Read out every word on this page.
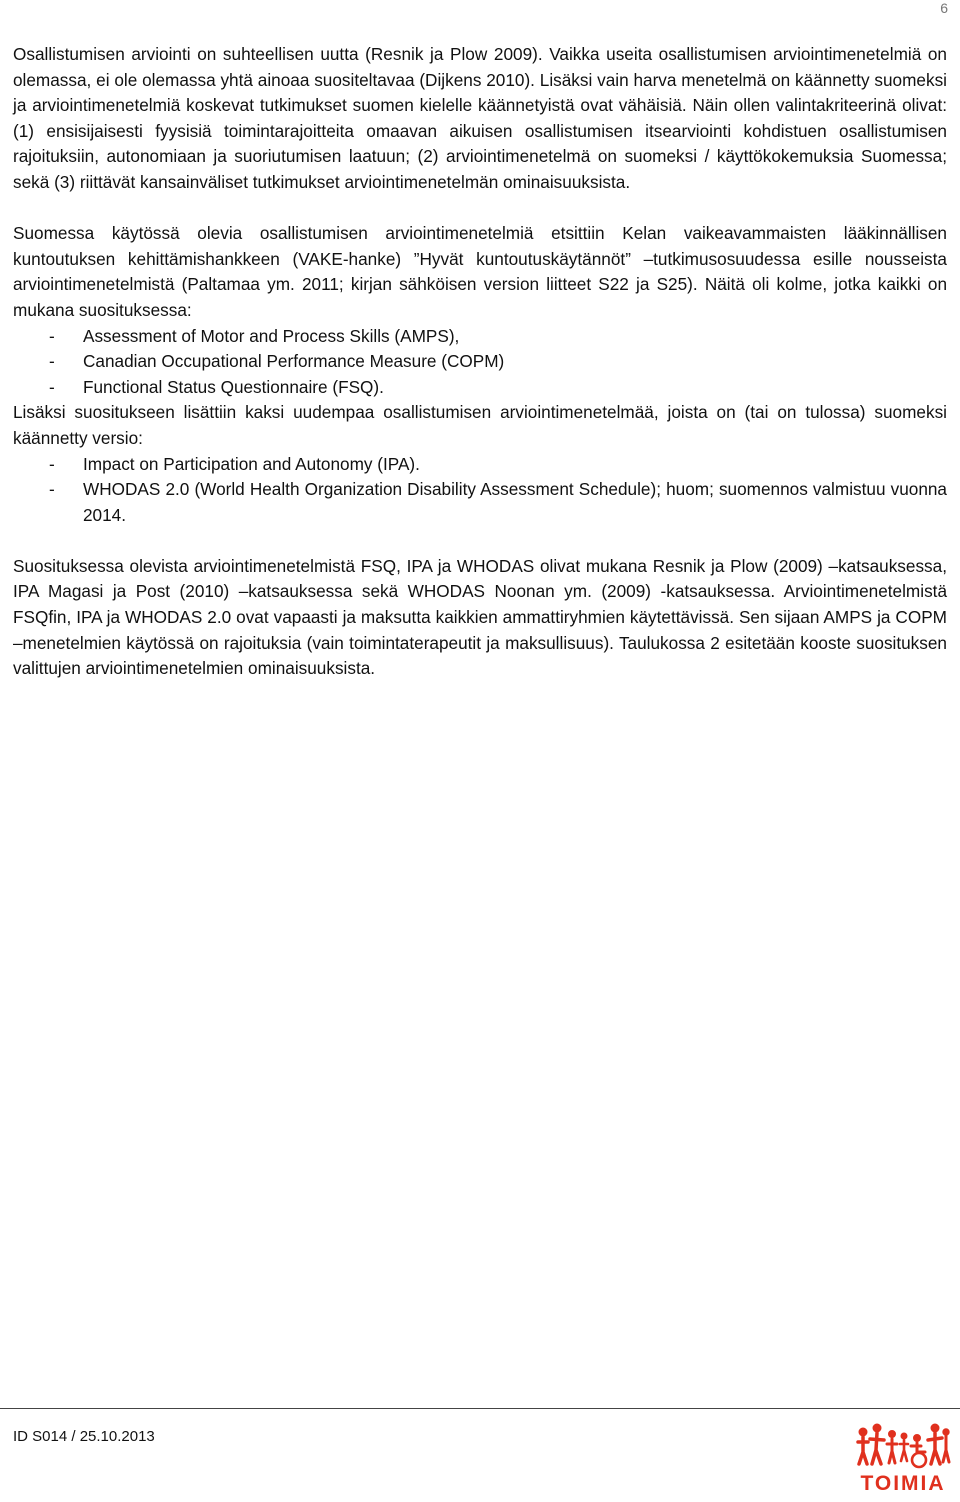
6

Osallistumisen arviointi on suhteellisen uutta (Resnik ja Plow 2009). Vaikka useita osallistumisen arviointimenetelmiä on olemassa, ei ole olemassa yhtä ainoaa suositeltavaa (Dijkens 2010). Lisäksi vain harva menetelmä on käännetty suomeksi ja arviointimenetelmiä koskevat tutkimukset suomen kielelle käännetyistä ovat vähäisiä. Näin ollen valintakriteerinä olivat: (1) ensisijaisesti fyysisiä toimintarajoitteita omaavan aikuisen osallistumisen itsearviointi kohdistuen osallistumisen rajoituksiin, autonomiaan ja suoriutumisen laatuun; (2) arviointimenetelmä on suomeksi / käyttökokemuksia Suomessa; sekä (3) riittävät kansainväliset tutkimukset arviointimenetelmän ominaisuuksista.

Suomessa käytössä olevia osallistumisen arviointimenetelmiä etsittiin Kelan vaikeavammaisten lääkinnällisen kuntoutuksen kehittämishankkeen (VAKE-hanke) ”Hyvät kuntoutuskäytännöt” –tutkimusosuudessa esille nousseista arviointimenetelmistä (Paltamaa ym. 2011; kirjan sähköisen version liitteet S22 ja S25). Näitä oli kolme, jotka kaikki on mukana suosituksessa:

- Assessment of Motor and Process Skills (AMPS),
- Canadian Occupational Performance Measure (COPM)
- Functional Status Questionnaire (FSQ).

Lisäksi suositukseen lisättiin kaksi uudempaa osallistumisen arviointimenetelmää, joista on (tai on tulossa) suomeksi käännetty versio:

- Impact on Participation and Autonomy (IPA).
- WHODAS 2.0 (World Health Organization Disability Assessment Schedule); huom; suomennos valmistuu vuonna 2014.

Suosituksessa olevista arviointimenetelmistä FSQ, IPA ja WHODAS olivat mukana Resnik ja Plow (2009) –katsauksessa, IPA Magasi ja Post (2010) –katsauksessa sekä WHODAS Noonan ym. (2009) -katsauksessa. Arviointimenetelmistä FSQfin, IPA ja WHODAS 2.0 ovat vapaasti ja maksutta kaikkien ammattiryhmien käytettävissä. Sen sijaan AMPS ja COPM –menetelmien käytössä on rajoituksia (vain toimintaterapeutit ja maksullisuus). Taulukossa 2 esitetään kooste suosituksen valittujen arviointimenetelmien ominaisuuksista.

ID S014 / 25.10.2013
TOIMIA
